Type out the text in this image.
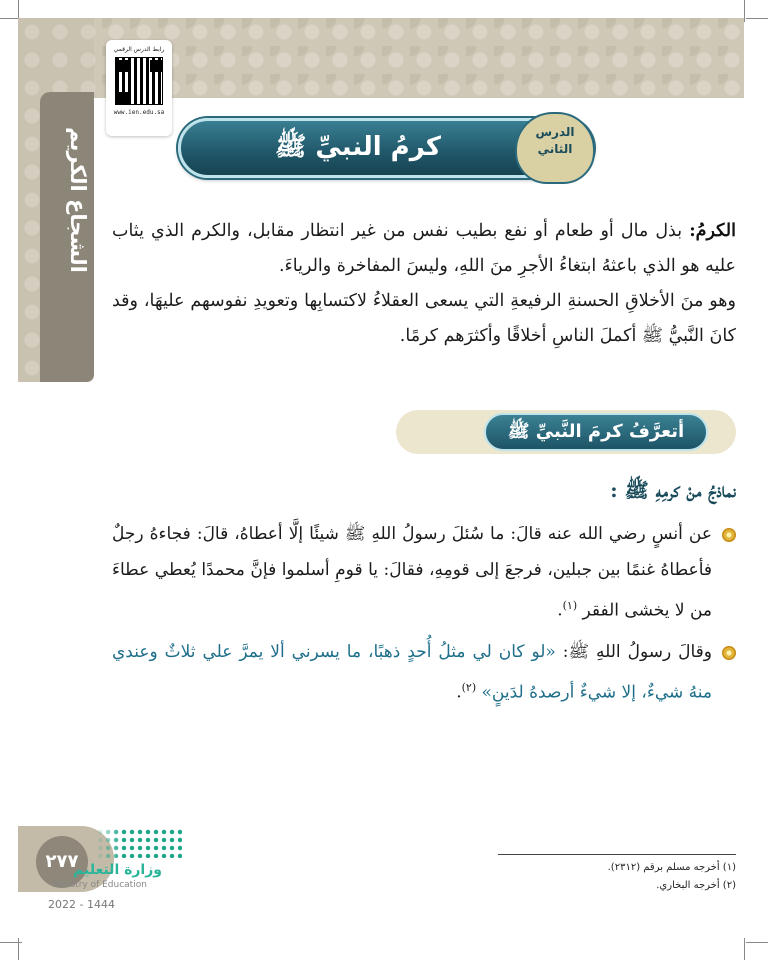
الشجاع الكريم
رابط الدرس الرقمي
www.ien.edu.sa
كرمُ النبيِّ ﷺ	الدرس
الثاني

الكرمُ: بذل مال أو طعام أو نفع بطيب نفس من غير انتظار مقابل، والكرم الذي يثاب عليه هو الذي باعثهُ ابتغاءُ الأجرِ منَ اللهِ، وليسَ المفاخرة والرياءَ.

وهو منَ الأخلاقِ الحسنةِ الرفيعةِ التي يسعى العقلاءُ لاكتسابِها وتعويدِ نفوسهم عليهَا، وقد كانَ النَّبيُّ ﷺ أكملَ الناسِ أخلاقًا وأكثرَهم كرمًا.

أتعرَّفُ كرمَ النَّبيِّ ﷺ
نماذجُ منْ كرمِهِ ﷺ :
عن أنسٍ رضي الله عنه قالَ: ما سُئلَ رسولُ اللهِ ﷺ شيئًا إلَّا أعطاهُ، قالَ: فجاءهُ رجلٌ فأعطاهُ غنمًا بين جبلين، فرجعَ إلى قومِهِ، فقالَ: يا قومِ أسلموا فإنَّ محمدًا يُعطي عطاءَ من لا يخشى الفقر $^{(١)}$.
وقالَ رسولُ اللهِ ﷺ: «لو كان لي مثلُ أُحدٍ ذهبًا، ما يسرني ألا يمرَّ علي ثلاثٌ وعندي منهُ شيءٌ، إلا شيءٌ أرصدهُ لدَينٍ» $^{(٢)}$.
(١) أخرجه مسلم برقم (٢٣١٢).
(٢) أخرجه البخاري.
٢٧٧
وزارة التعليم
Ministry of Education
2022 - 1444
